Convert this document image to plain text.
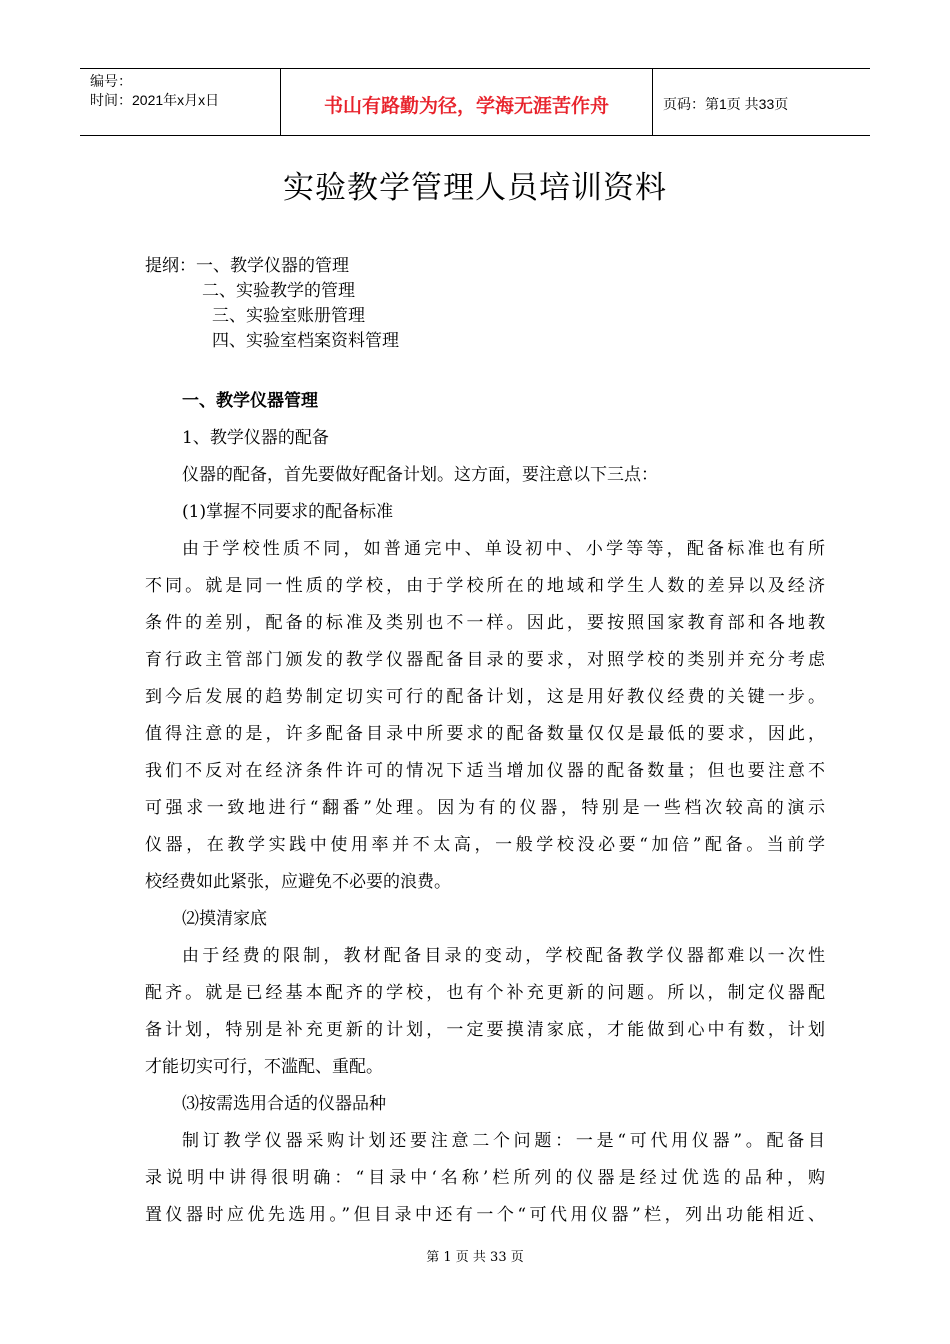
编号：
时间：2021年x月x日	书山有路勤为径，学海无涯苦作舟	页码：第1页 共33页
实验教学管理人员培训资料
提纲：一、教学仪器的管理
二、实验教学的管理
三、实验室账册管理
四、实验室档案资料管理
一、教学仪器管理
1、教学仪器的配备
仪器的配备，首先要做好配备计划。这方面，要注意以下三点：
(1)掌握不同要求的配备标准
由于学校性质不同，如普通完中、单设初中、小学等等，配备标准也有所
不同。就是同一性质的学校，由于学校所在的地域和学生人数的差异以及经济
条件的差别，配备的标准及类别也不一样。因此，要按照国家教育部和各地教
育行政主管部门颁发的教学仪器配备目录的要求，对照学校的类别并充分考虑
到今后发展的趋势制定切实可行的配备计划，这是用好教仪经费的关键一步。
值得注意的是，许多配备目录中所要求的配备数量仅仅是最低的要求，因此，
我们不反对在经济条件许可的情况下适当增加仪器的配备数量；但也要注意不
可强求一致地进行“翻番”处理。因为有的仪器，特别是一些档次较高的演示
仪器，在教学实践中使用率并不太高，一般学校没必要“加倍”配备。当前学
校经费如此紧张，应避免不必要的浪费。
⑵摸清家底
由于经费的限制，教材配备目录的变动，学校配备教学仪器都难以一次性
配齐。就是已经基本配齐的学校，也有个补充更新的问题。所以，制定仪器配
备计划，特别是补充更新的计划，一定要摸清家底，才能做到心中有数，计划
才能切实可行，不滥配、重配。
⑶按需选用合适的仪器品种
制订教学仪器采购计划还要注意二个问题：一是“可代用仪器”。配备目
录说明中讲得很明确：“目录中‘名称’栏所列的仪器是经过优选的品种，购
置仪器时应优先选用。”但目录中还有一个“可代用仪器”栏，列出功能相近、
第 1 页 共 33 页
